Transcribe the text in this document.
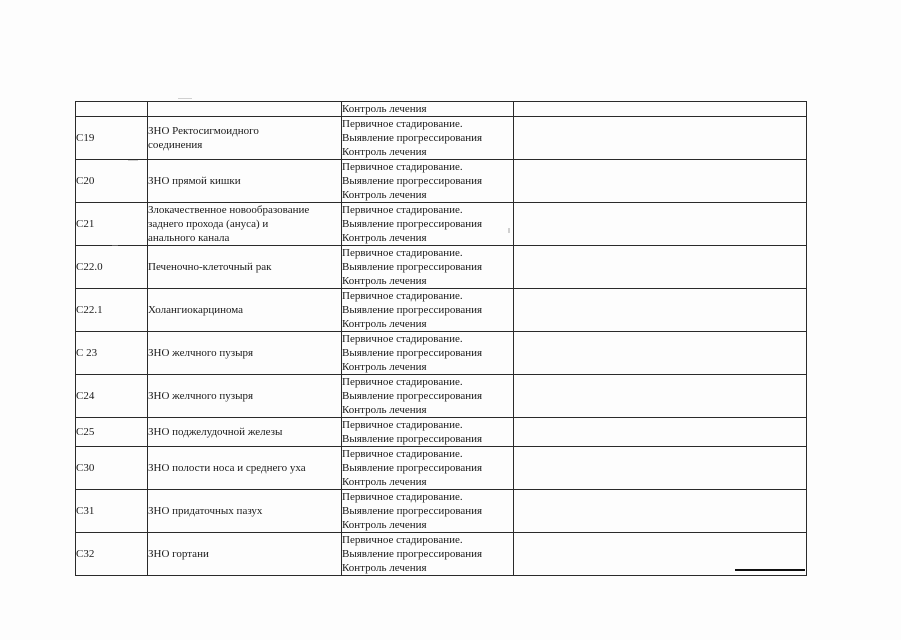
		Контроль лечения	

C19	ЗНО Ректосигмоидного
соединения	Первичное стадирование.
Выявление прогрессирования
Контроль лечения	

C20	ЗНО прямой кишки	Первичное стадирование.
Выявление прогрессирования
Контроль лечения	

C21	Злокачественное новообразование
заднего прохода (ануса) и
анального канала	Первичное стадирование.
Выявление прогрессирования
Контроль лечения	

C22.0	Печеночно-клеточный рак	Первичное стадирование.
Выявление прогрессирования
Контроль лечения	

C22.1	Холангиокарцинома	Первичное стадирование.
Выявление прогрессирования
Контроль лечения	

C 23	ЗНО желчного пузыря	Первичное стадирование.
Выявление прогрессирования
Контроль лечения	

C24	ЗНО желчного пузыря	Первичное стадирование.
Выявление прогрессирования
Контроль лечения	

C25	ЗНО поджелудочной железы	Первичное стадирование.
Выявление прогрессирования	

C30	ЗНО полости носа и среднего уха	Первичное стадирование.
Выявление прогрессирования
Контроль лечения	

C31	ЗНО придаточных пазух	Первичное стадирование.
Выявление прогрессирования
Контроль лечения	

C32	ЗНО гортани	Первичное стадирование.
Выявление прогрессирования
Контроль лечения	
